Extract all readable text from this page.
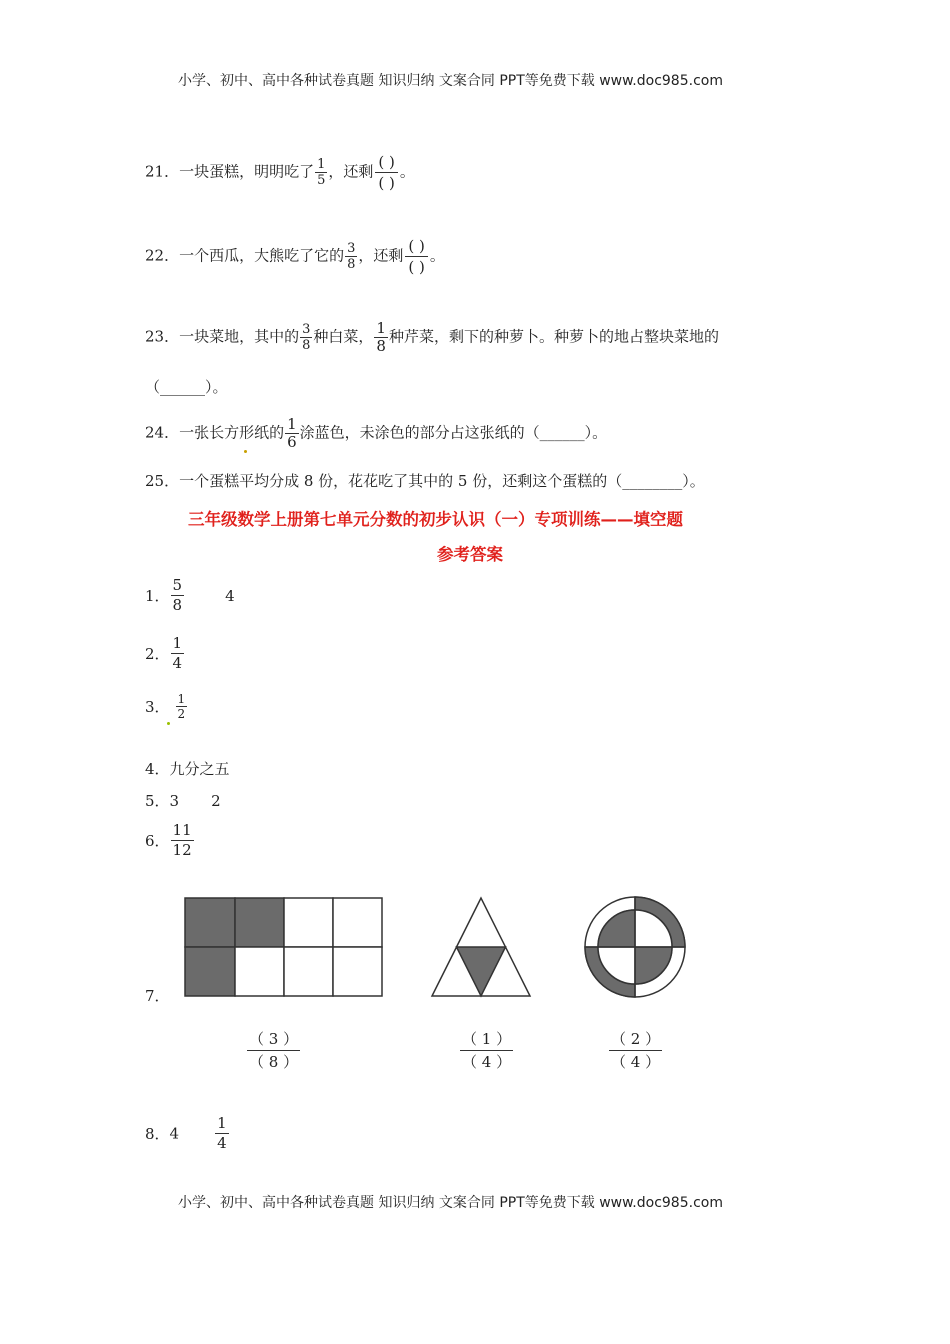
小学、初中、高中各种试卷真题 知识归纳 文案合同 PPT等免费下载 www.doc985.com
21．一块蛋糕，明明吃了 $\frac{1}{5}$ ，还剩 $\frac{( )}{( )}$ 。
22．一个西瓜，大熊吃了它的 $\frac{3}{8}$ ，还剩 $\frac{( )}{( )}$ 。
23．一块菜地，其中的 $\frac{3}{8}$ 种白菜， $\frac{1}{8}$ 种芹菜，剩下的种萝卜。种萝卜的地占整块菜地的
（______）。
24．一张长方形纸的 $\frac{1}{6}$ 涂蓝色，未涂色的部分占这张纸的（______）。
25．一个蛋糕平均分成 8 份，花花吃了其中的 5 份，还剩这个蛋糕的（________）。
三年级数学上册第七单元分数的初步认识（一）专项训练——填空题
参考答案
1． $\frac{5}{8}$	4
2． $\frac{1}{4}$
3． $\frac{1}{2}$
4．九分之五
5．3 2
6． $\frac{11}{12}$
7．
$\frac{( 3 )}{( 8 )}$	$\frac{( 1 )}{( 4 )}$	$\frac{( 2 )}{( 4 )}$
8．$4 \frac{1}{4}$
小学、初中、高中各种试卷真题 知识归纳 文案合同 PPT等免费下载 www.doc985.com
